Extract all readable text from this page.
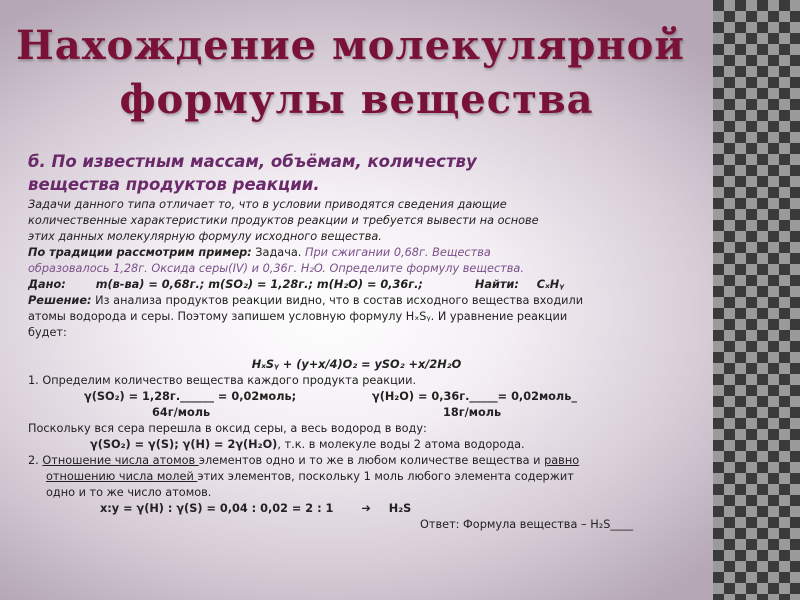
Нахождение молекулярной
формулы вещества
б. По известным массам, объёмам, количеству
вещества продуктов реакции.
Задачи данного типа отличает то, что в условии приводятся сведения дающие
количественные характеристики продуктов реакции и требуется вывести на основе
этих данных молекулярную формулу исходного вещества.
По традиции рассмотрим пример: Задача. При сжигании 0,68г. Вещества
образовалось 1,28г. Оксида серы(IV) и 0,36г. H₂O. Определите формулу вещества.
Дано:	m(в-ва) = 0,68г.; m(SO₂) = 1,28г.; m(H₂O) = 0,36г.;	Найти: CₓHᵧ
Решение: Из анализа продуктов реакции видно, что в состав исходного вещества входили
атомы водорода и серы. Поэтому запишем условную формулу HₓSᵧ. И уравнение реакции
будет:
HₓSᵧ + (y+x/4)O₂ = ySO₂ +x/2H₂O
1. Определим количество вещества каждого продукта реакции.
γ(SO₂) = 1,28г.______ = 0,02моль;	γ(H₂O) = 0,36г._____= 0,02моль_
64г/моль	18г/моль
Поскольку вся сера перешла в оксид серы, а весь водород в воду:
γ(SO₂) = γ(S); γ(H) = 2γ(H₂O), т.к. в молекуле воды 2 атома водорода.
2. Отношение числа атомов элементов одно и то же в любом количестве вещества и равно
отношению числа молей этих элементов, поскольку 1 моль любого элемента содержит
одно и то же число атомов.
x:y = γ(H) : γ(S) = 0,04 : 0,02 = 2 : 1 ➔ H₂S
Ответ: Формула вещества – H₂S____
